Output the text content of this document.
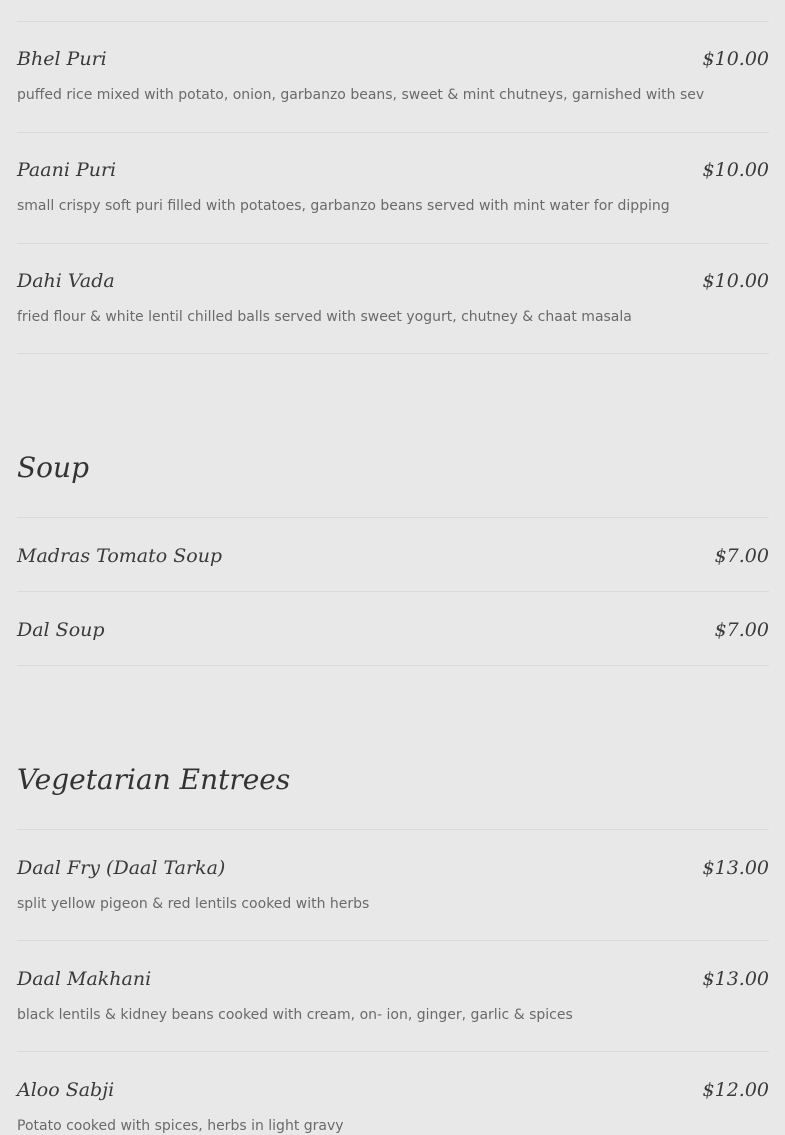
Bhel Puri	$10.00
puffed rice mixed with potato, onion, garbanzo beans, sweet & mint chutneys, garnished with sev
Paani Puri	$10.00
small crispy soft puri filled with potatoes, garbanzo beans served with mint water for dipping
Dahi Vada	$10.00
fried flour & white lentil chilled balls served with sweet yogurt, chutney & chaat masala
Soup
Madras Tomato Soup	$7.00
Dal Soup	$7.00
Vegetarian Entrees
Daal Fry (Daal Tarka)	$13.00
split yellow pigeon & red lentils cooked with herbs
Daal Makhani	$13.00
black lentils & kidney beans cooked with cream, on- ion, ginger, garlic & spices
Aloo Sabji	$12.00
Potato cooked with spices, herbs in light gravy
